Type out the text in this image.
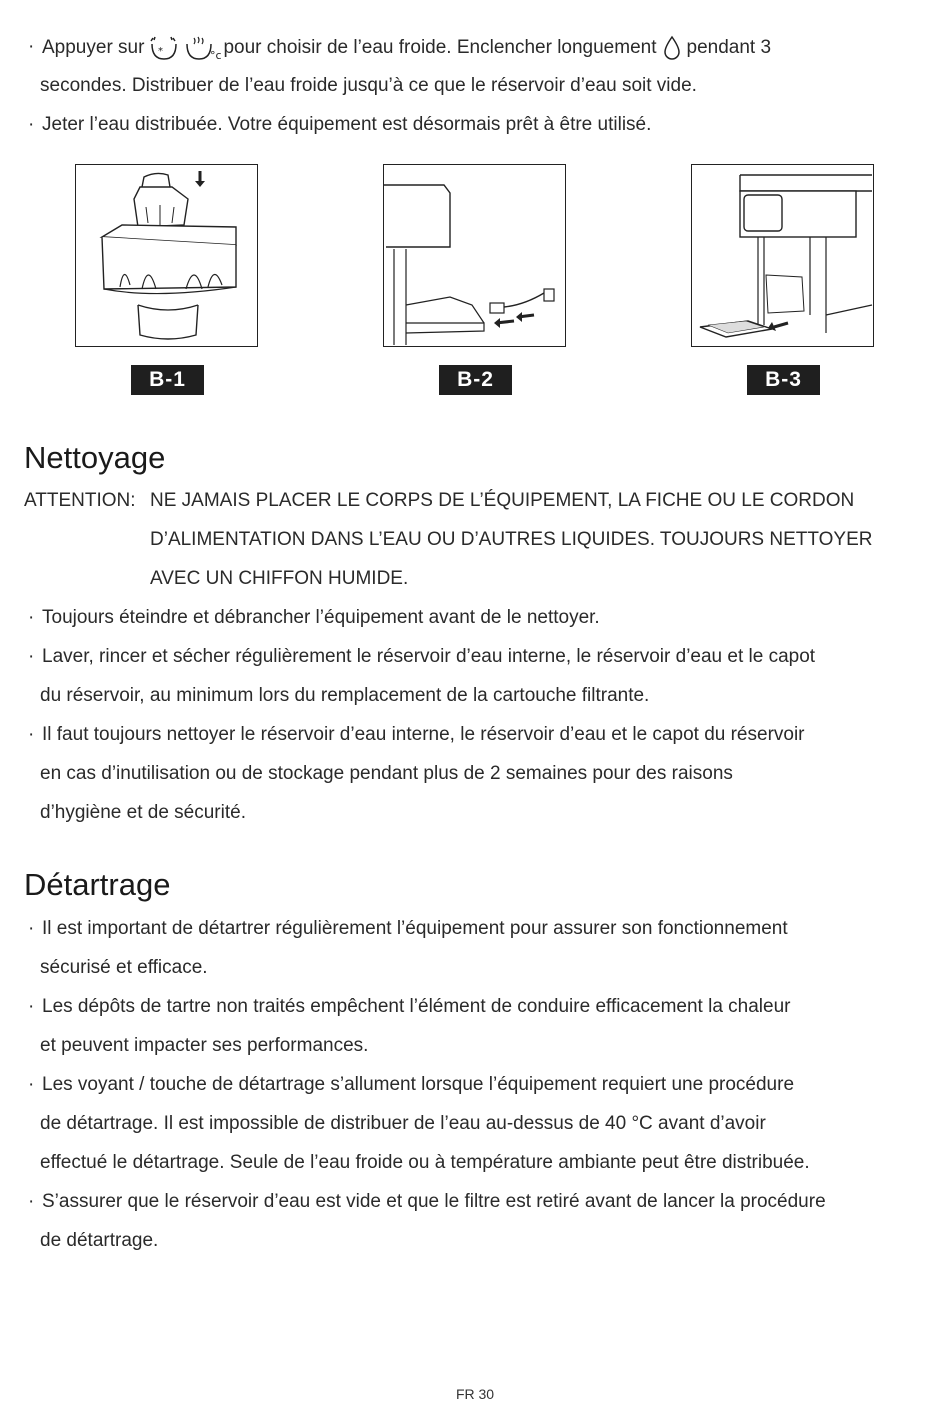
· Appuyer sur *	°c pour choisir de l’eau froide. Enclencher longuement pendant 3
secondes. Distribuer de l’eau froide jusqu’à ce que le réservoir d’eau soit vide.
· Jeter l’eau distribuée. Votre équipement est désormais prêt à être utilisé.
B-1	B-2	B-3
Nettoyage
ATTENTION: NE JAMAIS PLACER LE CORPS DE L’ÉQUIPEMENT, LA FICHE OU LE CORDON
D’ALIMENTATION DANS L’EAU OU D’AUTRES LIQUIDES. TOUJOURS NETTOYER
AVEC UN CHIFFON HUMIDE.
· Toujours éteindre et débrancher l’équipement avant de le nettoyer.
· Laver, rincer et sécher régulièrement le réservoir d’eau interne, le réservoir d’eau et le capot
du réservoir, au minimum lors du remplacement de la cartouche filtrante.
· Il faut toujours nettoyer le réservoir d’eau interne, le réservoir d’eau et le capot du réservoir
en cas d’inutilisation ou de stockage pendant plus de 2 semaines pour des raisons
d’hygiène et de sécurité.
Détartrage
· Il est important de détartrer régulièrement l’équipement pour assurer son fonctionnement
sécurisé et efficace.
· Les dépôts de tartre non traités empêchent l’élément de conduire efficacement la chaleur
et peuvent impacter ses performances.
· Les voyant / touche de détartrage s’allument lorsque l’équipement requiert une procédure
de détartrage. Il est impossible de distribuer de l’eau au-dessus de 40 °C avant d’avoir
effectué le détartrage. Seule de l’eau froide ou à température ambiante peut être distribuée.
· S’assurer que le réservoir d’eau est vide et que le filtre est retiré avant de lancer la procédure
de détartrage.
FR 30
